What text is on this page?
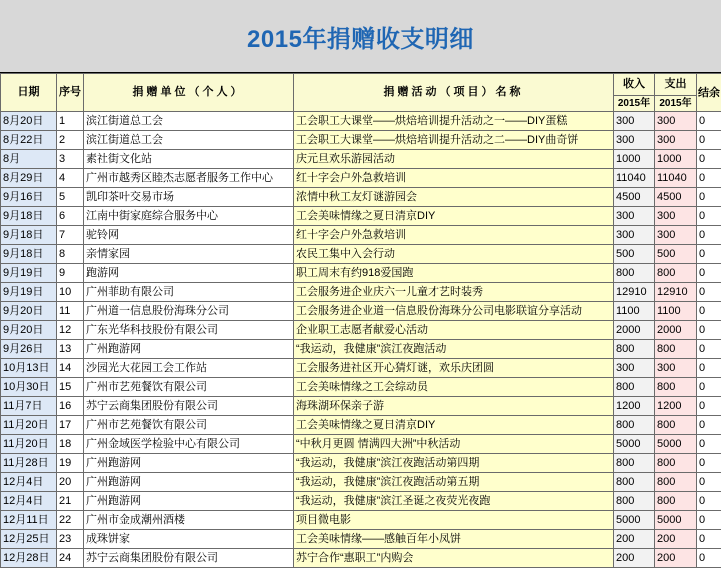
2015年捐赠收支明细
日期	序号	捐赠单位（个人）	捐赠活动（项目）名称	收入	支出	结余
				2015年	2015年	
8月20日	1	滨江街道总工会	工会职工大课堂——烘焙培训提升活动之一——DIY蛋糕	300	300	0
8月22日	2	滨江街道总工会	工会职工大课堂——烘焙培训提升活动之二——DIY曲奇饼	300	300	0
8月	3	素社街文化站	庆元旦欢乐游园活动	1000	1000	0
8月29日	4	广州市越秀区睦杰志愿者服务工作中心	红十字会户外急救培训	11040	11040	0
9月16日	5	凯印茶叶交易市场	浓情中秋工友灯谜游园会	4500	4500	0
9月18日	6	江南中街家庭综合服务中心	工会美味情缘之夏日清京DIY	300	300	0
9月18日	7	驼铃网	红十字会户外急救培训	300	300	0
9月18日	8	亲情家园	农民工集中入会行动	500	500	0
9月19日	9	跑游网	职工周末有约918爱国跑	800	800	0
9月19日	10	广州菲助有限公司	工会服务进企业庆六一儿童才艺时装秀	12910	12910	0
9月20日	11	广州道一信息股份海珠分公司	工会服务进企业道一信息股份海珠分公司电影联谊分享活动	1100	1100	0
9月20日	12	广东光华科技股份有限公司	企业职工志愿者献爱心活动	2000	2000	0
9月26日	13	广州跑游网	“我运动，我健康”滨江夜跑活动	800	800	0
10月13日	14	沙园光大花园工会工作站	工会服务进社区开心猜灯谜，欢乐庆团圆	300	300	0
10月30日	15	广州市艺苑餐饮有限公司	工会美味情缘之工会综动员	800	800	0
11月7日	16	苏宁云商集团股份有限公司	海珠湖环保亲子游	1200	1200	0
11月20日	17	广州市艺苑餐饮有限公司	工会美味情缘之夏日清京DIY	800	800	0
11月20日	18	广州金域医学检验中心有限公司	“中秋月更圆 情满四大洲”中秋活动	5000	5000	0
11月28日	19	广州跑游网	“我运动，我健康”滨江夜跑活动第四期	800	800	0
12月4日	20	广州跑游网	“我运动，我健康”滨江夜跑活动第五期	800	800	0
12月4日	21	广州跑游网	“我运动，我健康”滨江圣诞之夜荧光夜跑	800	800	0
12月11日	22	广州市金成潮州酒楼	项目微电影	5000	5000	0
12月25日	23	成珠饼家	工会美味情缘——感触百年小凤饼	200	200	0
12月28日	24	苏宁云商集团股份有限公司	苏宁合作“惠职工”内购会	200	200	0
